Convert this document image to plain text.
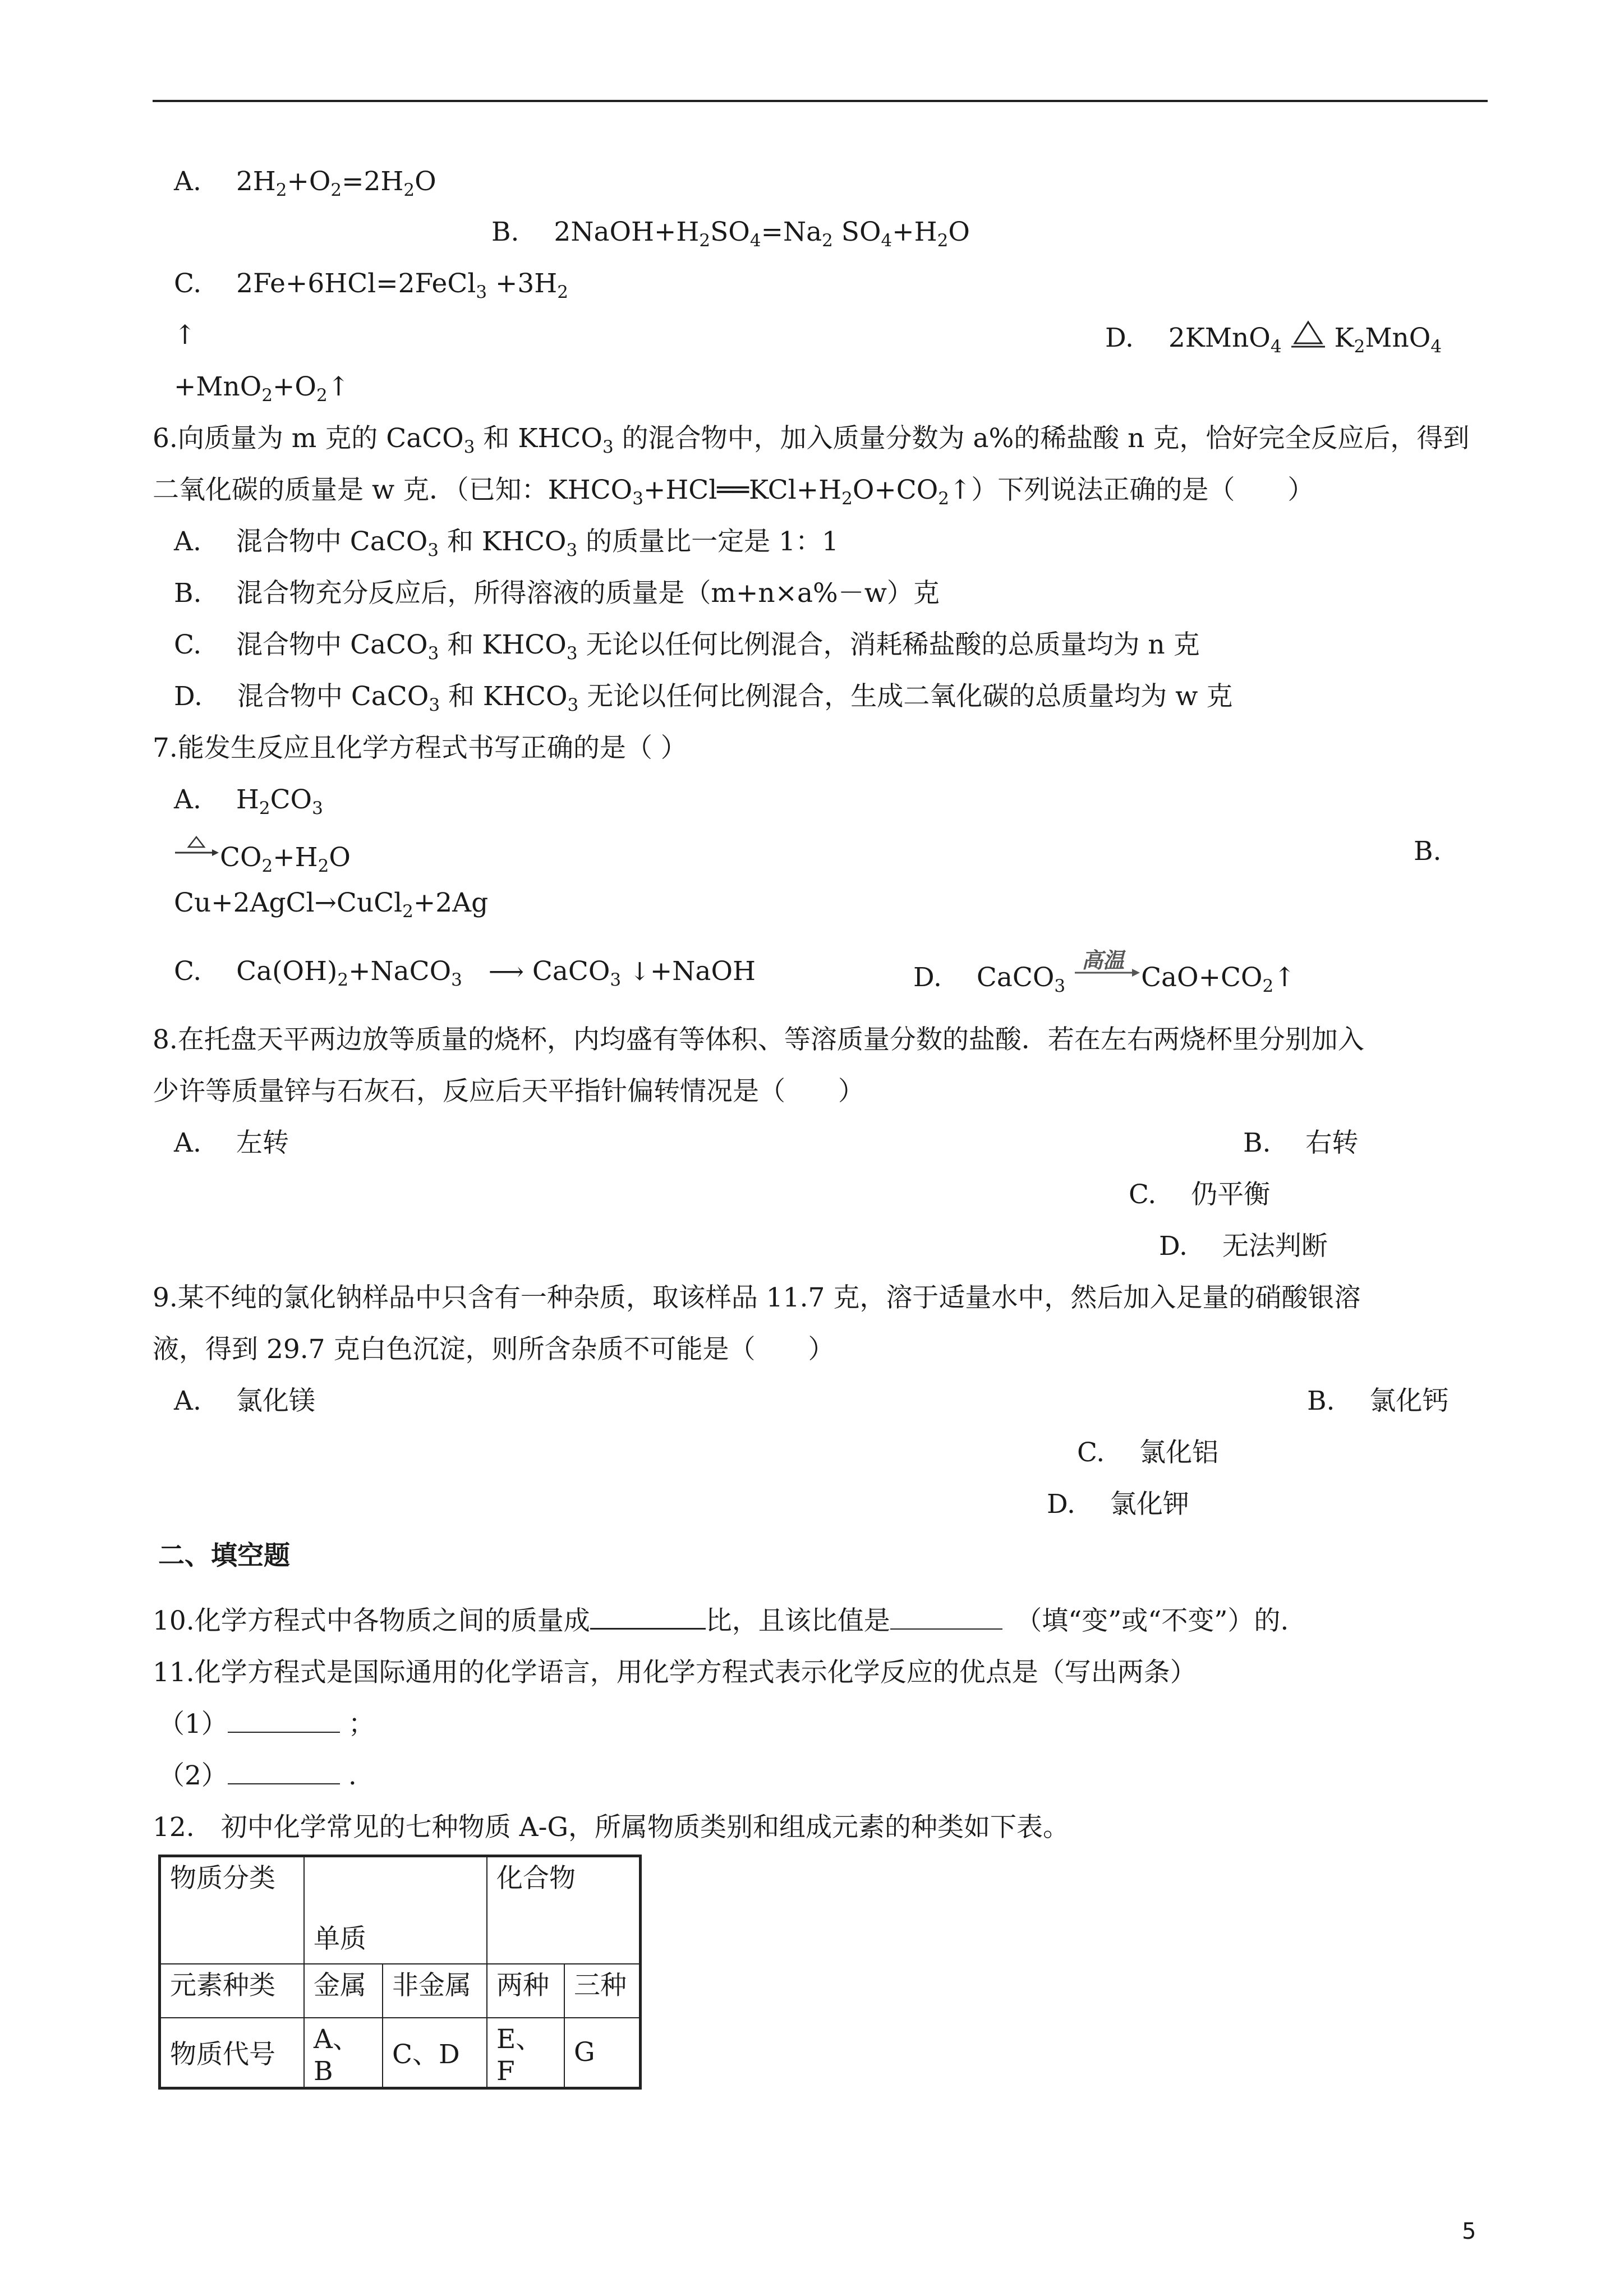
A.　 $2H_2+O_2=2H_2O$
B.　 $2NaOH+H_2SO_4=Na_2$ $SO_4+H_2O$
C.　 2Fe+6HCl=2FeCl$_3$ $+3H_2$
↑	D.　 2KMnO$_4$
$K_2MnO_4$
$+MnO_2+O_2↑$
6.向质量为 m 克的 CaCO$_3$ 和 $KHCO_3$ 的混合物中，加入质量分数为 a%的稀盐酸 n 克，恰好完全反应后，得到
二氧化碳的质量是 w 克．（已知：$KHCO_3+HCl══KCl+H_2O+CO_2↑$）下列说法正确的是（　　）
A.　 混合物中 CaCO$_3$ 和 $KHCO_3$ 的质量比一定是 1：1
B.　 混合物充分反应后，所得溶液的质量是（m+n×a%－w）克
C.　 混合物中 CaCO$_3$ 和 $KHCO_3$ 无论以任何比例混合，消耗稀盐酸的总质量均为 n 克
D.　 混合物中 CaCO$_3$ 和 $KHCO_3$ 无论以任何比例混合，生成二氧化碳的总质量均为 w 克
7.能发生反应且化学方程式书写正确的是（ ）
A.　 $H_2CO_3$
$CO_2+H_2O$	B.
Cu+2AgCl→CuCl$_2$+2Ag
C.　 $Ca(OH)_2+NaCO_3$　 ⟶ CaCO$_3$ ↓+NaOH	D.　 CaCO$_3$
高温
$CaO+CO_2↑$
8.在托盘天平两边放等质量的烧杯，内均盛有等体积、等溶质量分数的盐酸．若在左右两烧杯里分别加入
少许等质量锌与石灰石，反应后天平指针偏转情况是（　　）
A.　 左转	B.　 右转
C.　 仍平衡
D.　 无法判断
9.某不纯的氯化钠样品中只含有一种杂质，取该样品 11.7 克，溶于适量水中，然后加入足量的硝酸银溶
液，得到 29.7 克白色沉淀，则所含杂质不可能是（　　）
A.　 氯化镁	B.　 氯化钙
C.　 氯化铝
D.　 氯化钾
二、填空题
10.化学方程式中各物质之间的质量成	比，且该比值是	　（填“变”或“不变”）的.
11.化学方程式是国际通用的化学语言，用化学方程式表示化学反应的优点是（写出两条）
（1）	；
（2）	.
12.　初中化学常见的七种物质 A-G，所属物质类别和组成元素的种类如下表。
物质分类	单质		化合物	
元素种类	金属	非金属	两种	三种
物质代号	A、B	C、D	E、F	G
5
